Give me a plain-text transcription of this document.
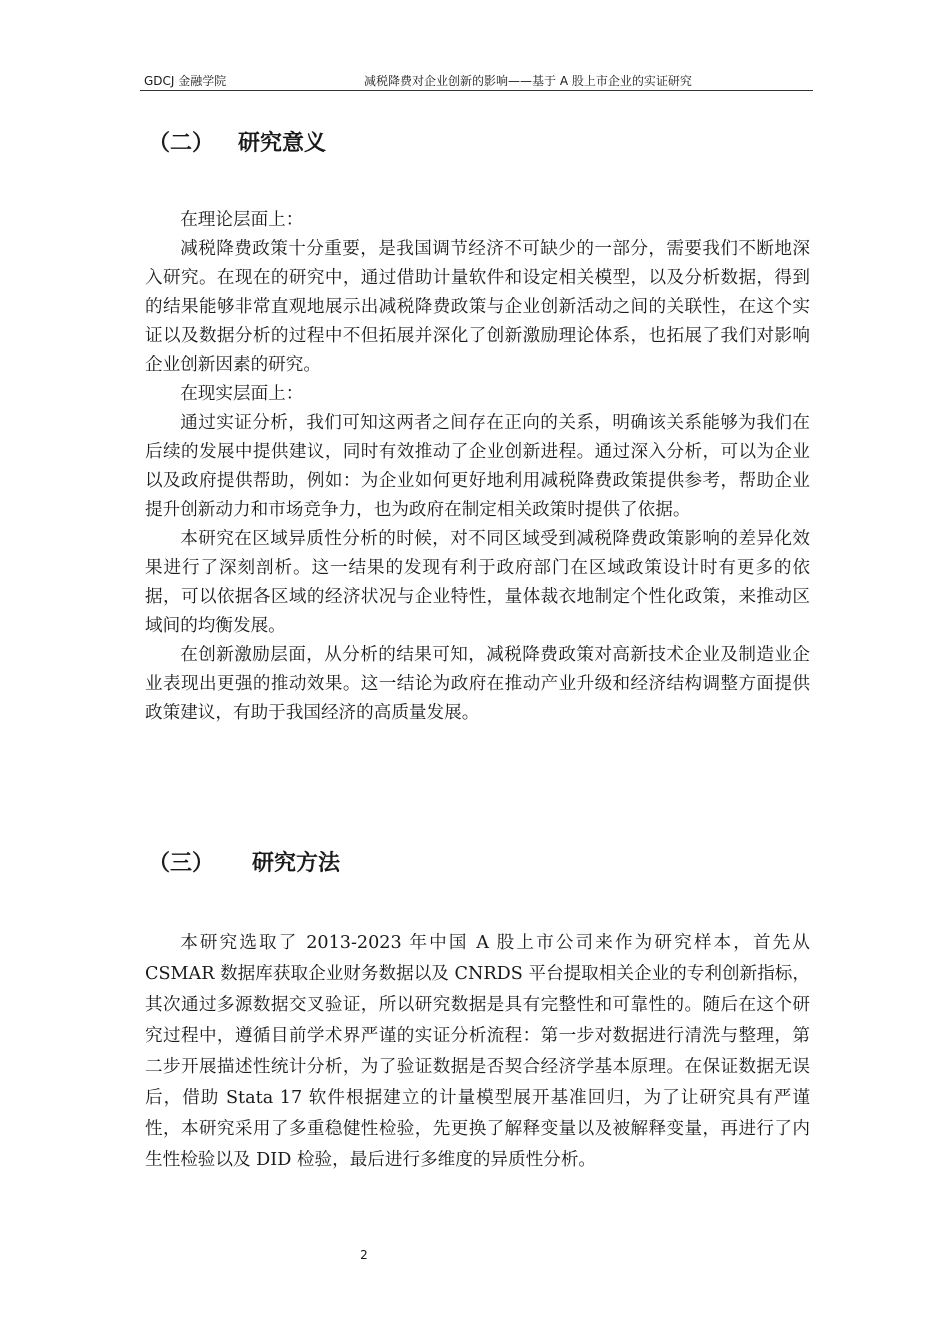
GDCJ 金融学院	减税降费对企业创新的影响——基于 A 股上市企业的实证研究
（二） 研究意义

在理论层面上：

减税降费政策十分重要，是我国调节经济不可缺少的一部分，需要我们不断地深入研究。在现在的研究中，通过借助计量软件和设定相关模型，以及分析数据，得到的结果能够非常直观地展示出减税降费政策与企业创新活动之间的关联性，在这个实证以及数据分析的过程中不但拓展并深化了创新激励理论体系，也拓展了我们对影响企业创新因素的研究。

在现实层面上：

通过实证分析，我们可知这两者之间存在正向的关系，明确该关系能够为我们在后续的发展中提供建议，同时有效推动了企业创新进程。通过深入分析，可以为企业以及政府提供帮助，例如：为企业如何更好地利用减税降费政策提供参考，帮助企业提升创新动力和市场竞争力，也为政府在制定相关政策时提供了依据。

本研究在区域异质性分析的时候，对不同区域受到减税降费政策影响的差异化效果进行了深刻剖析。这一结果的发现有利于政府部门在区域政策设计时有更多的依据，可以依据各区域的经济状况与企业特性，量体裁衣地制定个性化政策，来推动区域间的均衡发展。

在创新激励层面，从分析的结果可知，减税降费政策对高新技术企业及制造业企业表现出更强的推动效果。这一结论为政府在推动产业升级和经济结构调整方面提供政策建议，有助于我国经济的高质量发展。

（三） 研究方法

本研究选取了 2013-2023 年中国 A 股上市公司来作为研究样本，首先从 CSMAR 数据库获取企业财务数据以及 CNRDS 平台提取相关企业的专利创新指标，其次通过多源数据交叉验证，所以研究数据是具有完整性和可靠性的。随后在这个研究过程中，遵循目前学术界严谨的实证分析流程：第一步对数据进行清洗与整理，第二步开展描述性统计分析，为了验证数据是否契合经济学基本原理。在保证数据无误后，借助 Stata 17 软件根据建立的计量模型展开基准回归，为了让研究具有严谨性，本研究采用了多重稳健性检验，先更换了解释变量以及被解释变量，再进行了内生性检验以及 DID 检验，最后进行多维度的异质性分析。

2
